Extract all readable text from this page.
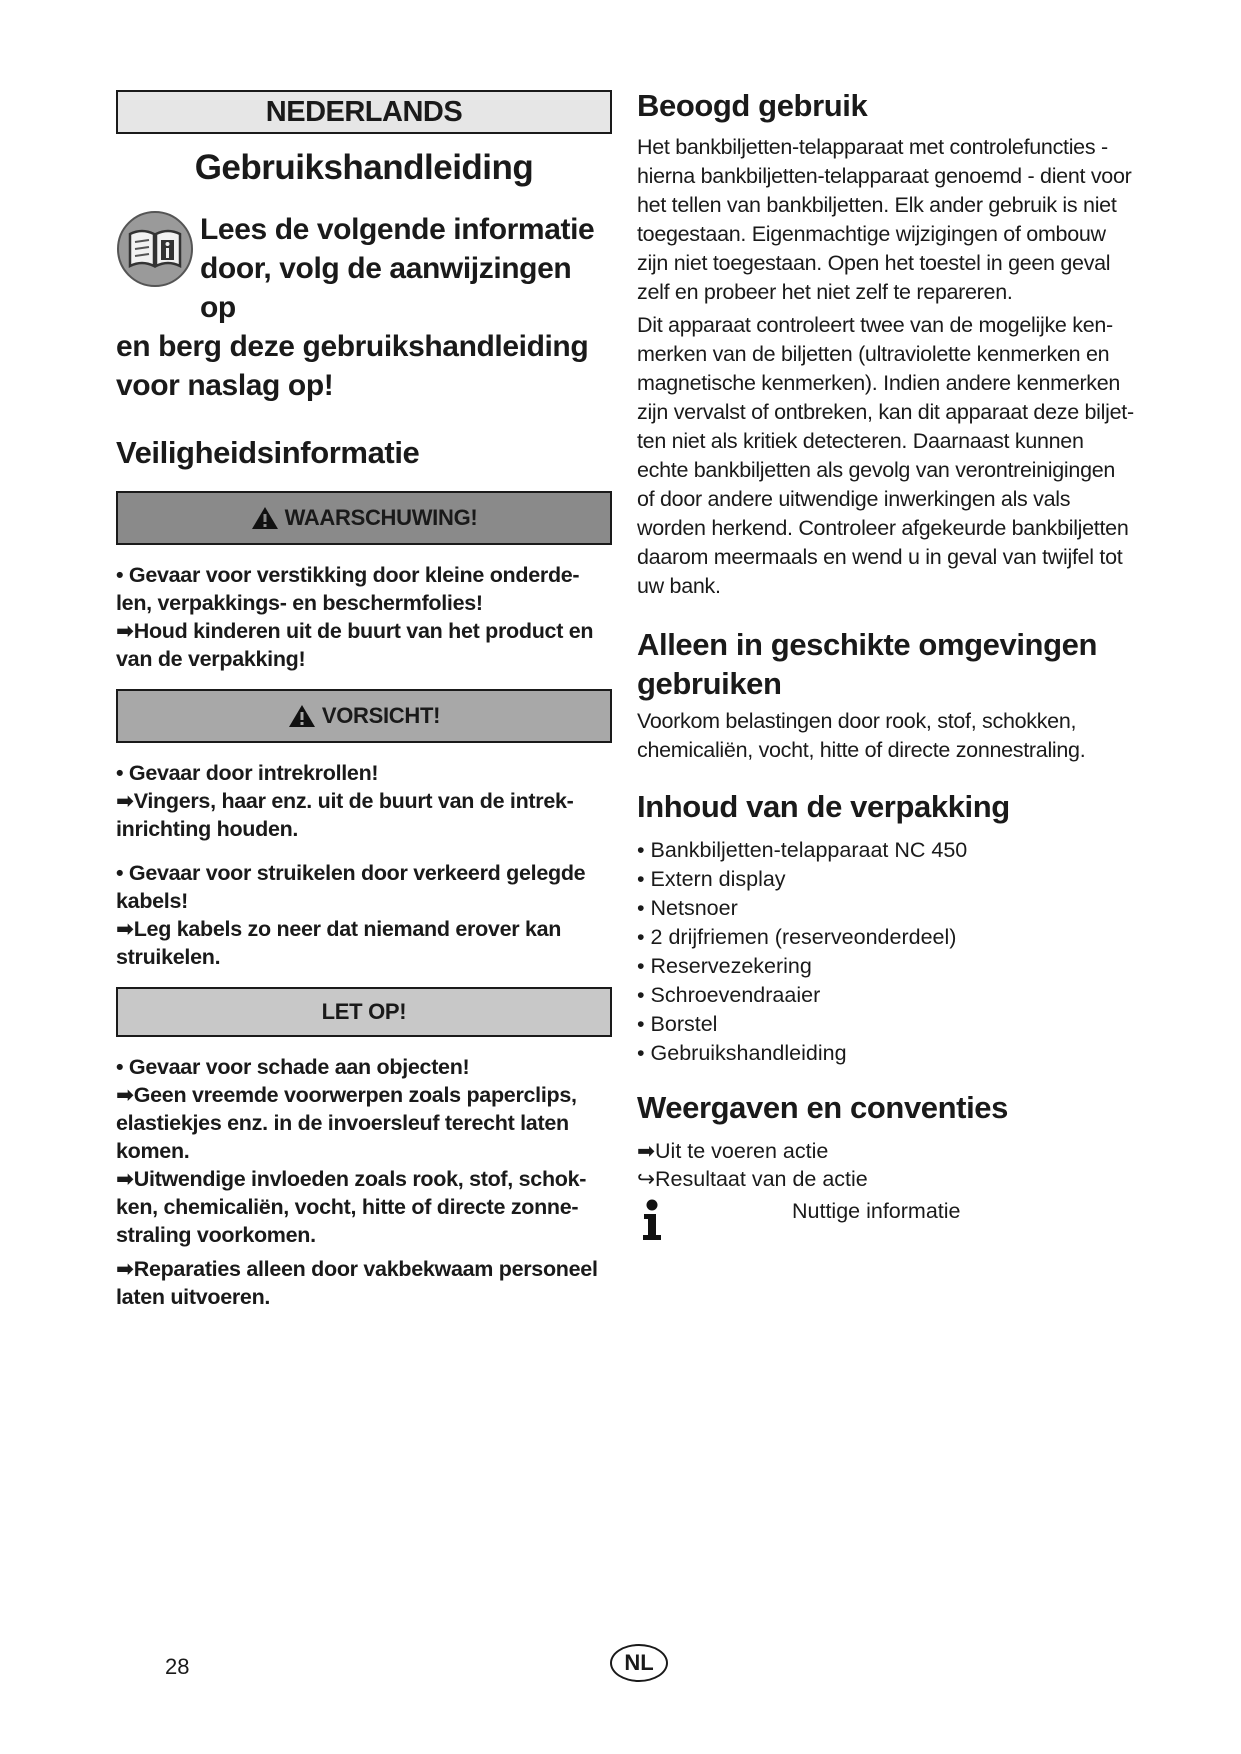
NEDERLANDS
Gebruikshandleiding
Lees de volgende informatie
door, volg de aanwijzingen op
en berg deze gebruikshandleiding
voor naslag op!
Veiligheidsinformatie
WAARSCHUWING!

• Gevaar voor verstikking door kleine onderde-

len, verpakkings- en beschermfolies!

➡Houd kinderen uit de buurt van het product en

van de verpakking!

VORSICHT!

• Gevaar door intrekrollen!

➡Vingers, haar enz. uit de buurt van de intrek-

inrichting houden.

• Gevaar voor struikelen door verkeerd gelegde

kabels!

➡Leg kabels zo neer dat niemand erover kan

struikelen.

LET OP!

• Gevaar voor schade aan objecten!

➡Geen vreemde voorwerpen zoals paperclips,

elastiekjes enz. in de invoersleuf terecht laten

komen.

➡Uitwendige invloeden zoals rook, stof, schok-

ken, chemicaliën, vocht, hitte of directe zonne-

straling voorkomen.

➡Reparaties alleen door vakbekwaam personeel

laten uitvoeren.

Beoogd gebruik

Het bankbiljetten-telapparaat met controlefuncties -

hierna bankbiljetten-telapparaat genoemd - dient voor

het tellen van bankbiljetten. Elk ander gebruik is niet

toegestaan. Eigenmachtige wijzigingen of ombouw

zijn niet toegestaan. Open het toestel in geen geval

zelf en probeer het niet zelf te repareren.

Dit apparaat controleert twee van de mogelijke ken-

merken van de biljetten (ultraviolette kenmerken en

magnetische kenmerken). Indien andere kenmerken

zijn vervalst of ontbreken, kan dit apparaat deze biljet-

ten niet als kritiek detecteren. Daarnaast kunnen

echte bankbiljetten als gevolg van verontreinigingen

of door andere uitwendige inwerkingen als vals

worden herkend. Controleer afgekeurde bankbiljetten

daarom meermaals en wend u in geval van twijfel tot

uw bank.

Alleen in geschikte omgevingen
gebruiken

Voorkom belastingen door rook, stof, schokken,

chemicaliën, vocht, hitte of directe zonnestraling.

Inhoud van de verpakking
• Bankbiljetten-telapparaat NC 450
• Extern display
• Netsnoer
• 2 drijfriemen (reserveonderdeel)
• Reservezekering
• Schroevendraaier
• Borstel
• Gebruikshandleiding
Weergaven en conventies
➡Uit te voeren actie
↪Resultaat van de actie
Nuttige informatie
28	NL
